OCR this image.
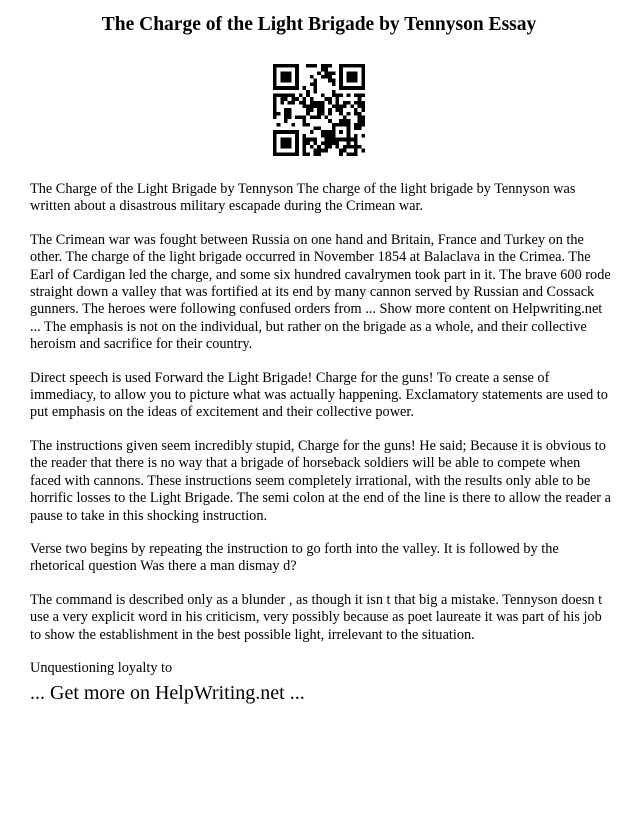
The Charge of the Light Brigade by Tennyson Essay

The Charge of the Light Brigade by Tennyson The charge of the light brigade by Tennyson was written about a disastrous military escapade during the Crimean war.

The Crimean war was fought between Russia on one hand and Britain, France and Turkey on the other. The charge of the light brigade occurred in November 1854 at Balaclava in the Crimea. The Earl of Cardigan led the charge, and some six hundred cavalrymen took part in it. The brave 600 rode straight down a valley that was fortified at its end by many cannon served by Russian and Cossack gunners. The heroes were following confused orders from ... Show more content on Helpwriting.net ... The emphasis is not on the individual, but rather on the brigade as a whole, and their collective heroism and sacrifice for their country.

Direct speech is used Forward the Light Brigade! Charge for the guns! To create a sense of immediacy, to allow you to picture what was actually happening. Exclamatory statements are used to put emphasis on the ideas of excitement and their collective power.

The instructions given seem incredibly stupid, Charge for the guns! He said; Because it is obvious to the reader that there is no way that a brigade of horseback soldiers will be able to compete when faced with cannons. These instructions seem completely irrational, with the results only able to be horrific losses to the Light Brigade. The semi colon at the end of the line is there to allow the reader a pause to take in this shocking instruction.

Verse two begins by repeating the instruction to go forth into the valley. It is followed by the rhetorical question Was there a man dismay d?

The command is described only as a blunder , as though it isn t that big a mistake. Tennyson doesn t use a very explicit word in his criticism, very possibly because as poet laureate it was part of his job to show the establishment in the best possible light, irrelevant to the situation.

Unquestioning loyalty to

... Get more on HelpWriting.net ...
